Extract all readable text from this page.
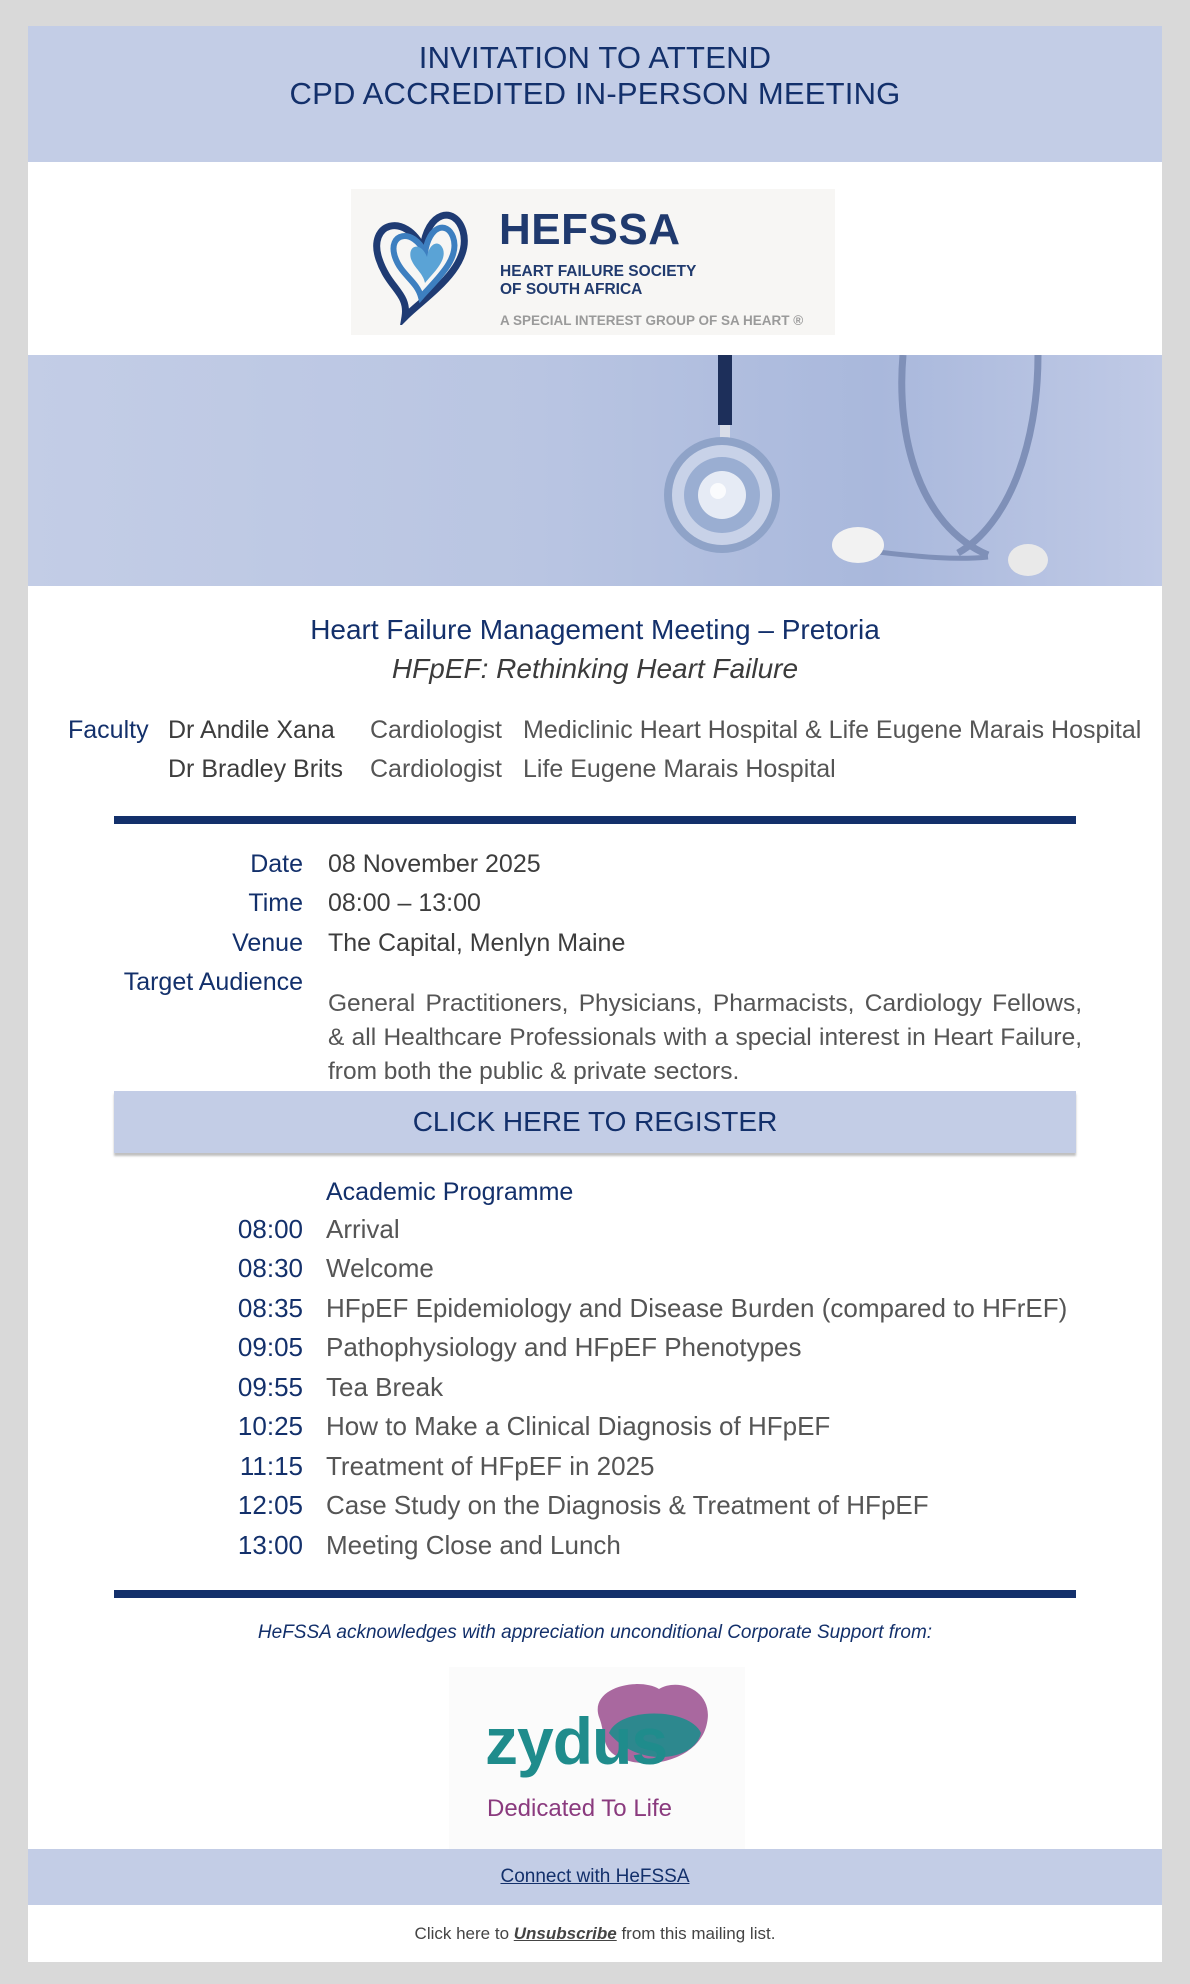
INVITATION TO ATTEND
CPD ACCREDITED IN-PERSON MEETING
HEFSSA
HEART FAILURE SOCIETY
OF SOUTH AFRICA
A SPECIAL INTEREST GROUP OF SA HEART ®
Heart Failure Management Meeting – Pretoria
HFpEF: Rethinking Heart Failure
Faculty Dr Andile Xana Cardiologist Mediclinic Heart Hospital & Life Eugene Marais Hospital
Dr Bradley Brits Cardiologist Life Eugene Marais Hospital
Date 08 November 2025
Time 08:00 – 13:00
Venue The Capital, Menlyn Maine
Target Audience
General Practitioners, Physicians, Pharmacists, Cardiology Fellows, & all Healthcare Professionals with a special interest in Heart Failure, from both the public & private sectors.
CLICK HERE TO REGISTER
Academic Programme
08:00 Arrival
08:30 Welcome
08:35 HFpEF Epidemiology and Disease Burden (compared to HFrEF)
09:05 Pathophysiology and HFpEF Phenotypes
09:55 Tea Break
10:25 How to Make a Clinical Diagnosis of HFpEF
11:15 Treatment of HFpEF in 2025
12:05 Case Study on the Diagnosis & Treatment of HFpEF
13:00 Meeting Close and Lunch
HeFSSA acknowledges with appreciation unconditional Corporate Support from:
zydus
Dedicated To Life
Connect with HeFSSA
Click here to Unsubscribe from this mailing list.
